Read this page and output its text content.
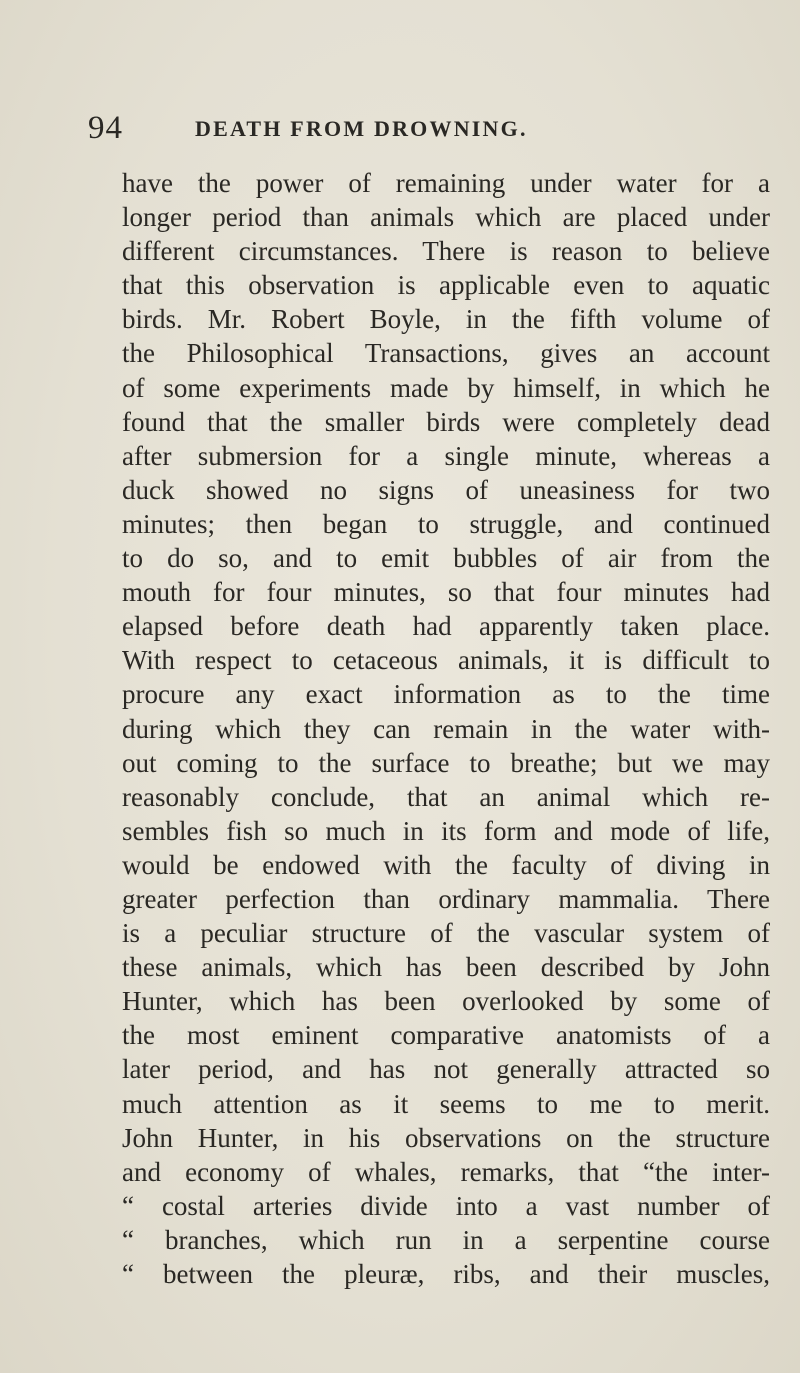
94	DEATH FROM DROWNING.
have the power of remaining under water for a
longer period than animals which are placed under
different circumstances. There is reason to believe
that this observation is applicable even to aquatic
birds. Mr. Robert Boyle, in the fifth volume of
the Philosophical Transactions, gives an account
of some experiments made by himself, in which he
found that the smaller birds were completely dead
after submersion for a single minute, whereas a
duck showed no signs of uneasiness for two
minutes; then began to struggle, and continued
to do so, and to emit bubbles of air from the
mouth for four minutes, so that four minutes had
elapsed before death had apparently taken place.
With respect to cetaceous animals, it is difficult to
procure any exact information as to the time
during which they can remain in the water with-
out coming to the surface to breathe; but we may
reasonably conclude, that an animal which re-
sembles fish so much in its form and mode of life,
would be endowed with the faculty of diving in
greater perfection than ordinary mammalia. There
is a peculiar structure of the vascular system of
these animals, which has been described by John
Hunter, which has been overlooked by some of
the most eminent comparative anatomists of a
later period, and has not generally attracted so
much attention as it seems to me to merit.
John Hunter, in his observations on the structure
and economy of whales, remarks, that “the inter-
“ costal arteries divide into a vast number of
“ branches, which run in a serpentine course
“ between the pleuræ, ribs, and their muscles,
